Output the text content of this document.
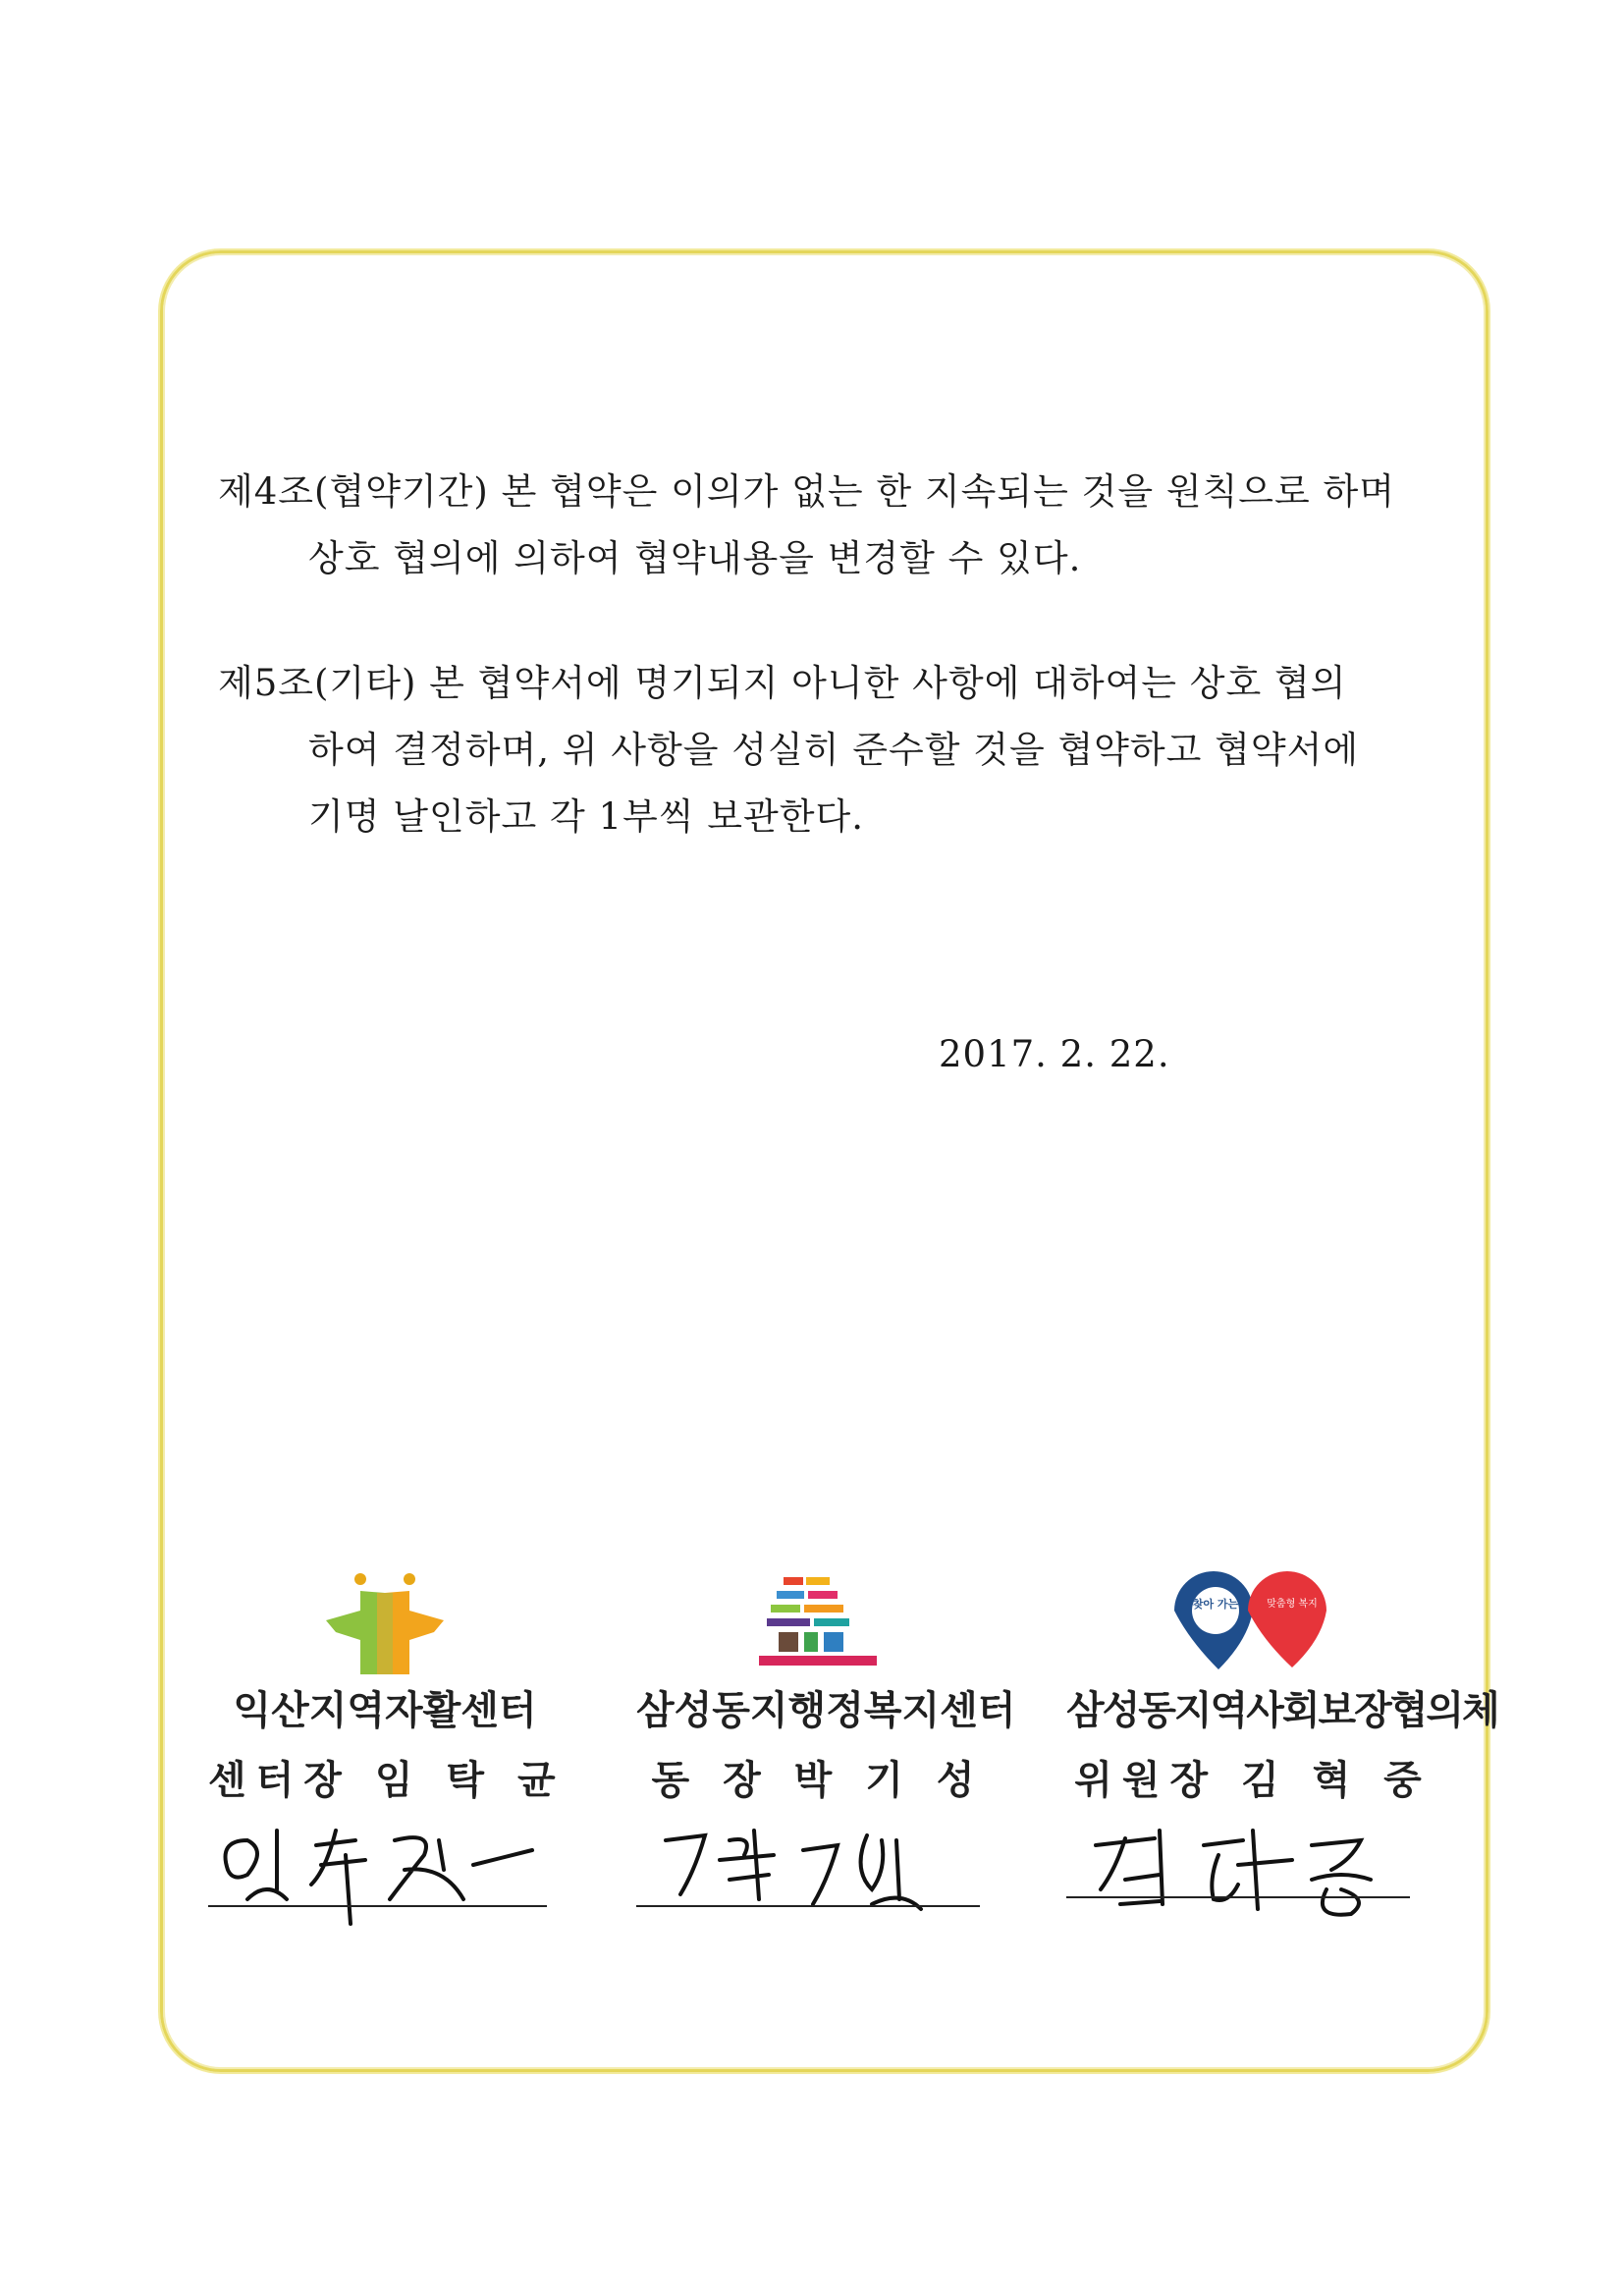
제4조(협약기간) 본 협약은 이의가 없는 한 지속되는 것을 원칙으로 하며
상호 협의에 의하여 협약내용을 변경할 수 있다.
제5조(기타) 본 협약서에 명기되지 아니한 사항에 대하여는 상호 협의
하여 결정하며, 위 사항을 성실히 준수할 것을 협약하고 협약서에
기명 날인하고 각 1부씩 보관한다.
2017. 2. 22.
익산지역자활센터
센터장 임 탁 균
삼성동지행정복지센터
동 장 박 기 성
찾아 가는	맞춤형 복지
삼성동지역사회보장협의체
위원장 김 혁 중
